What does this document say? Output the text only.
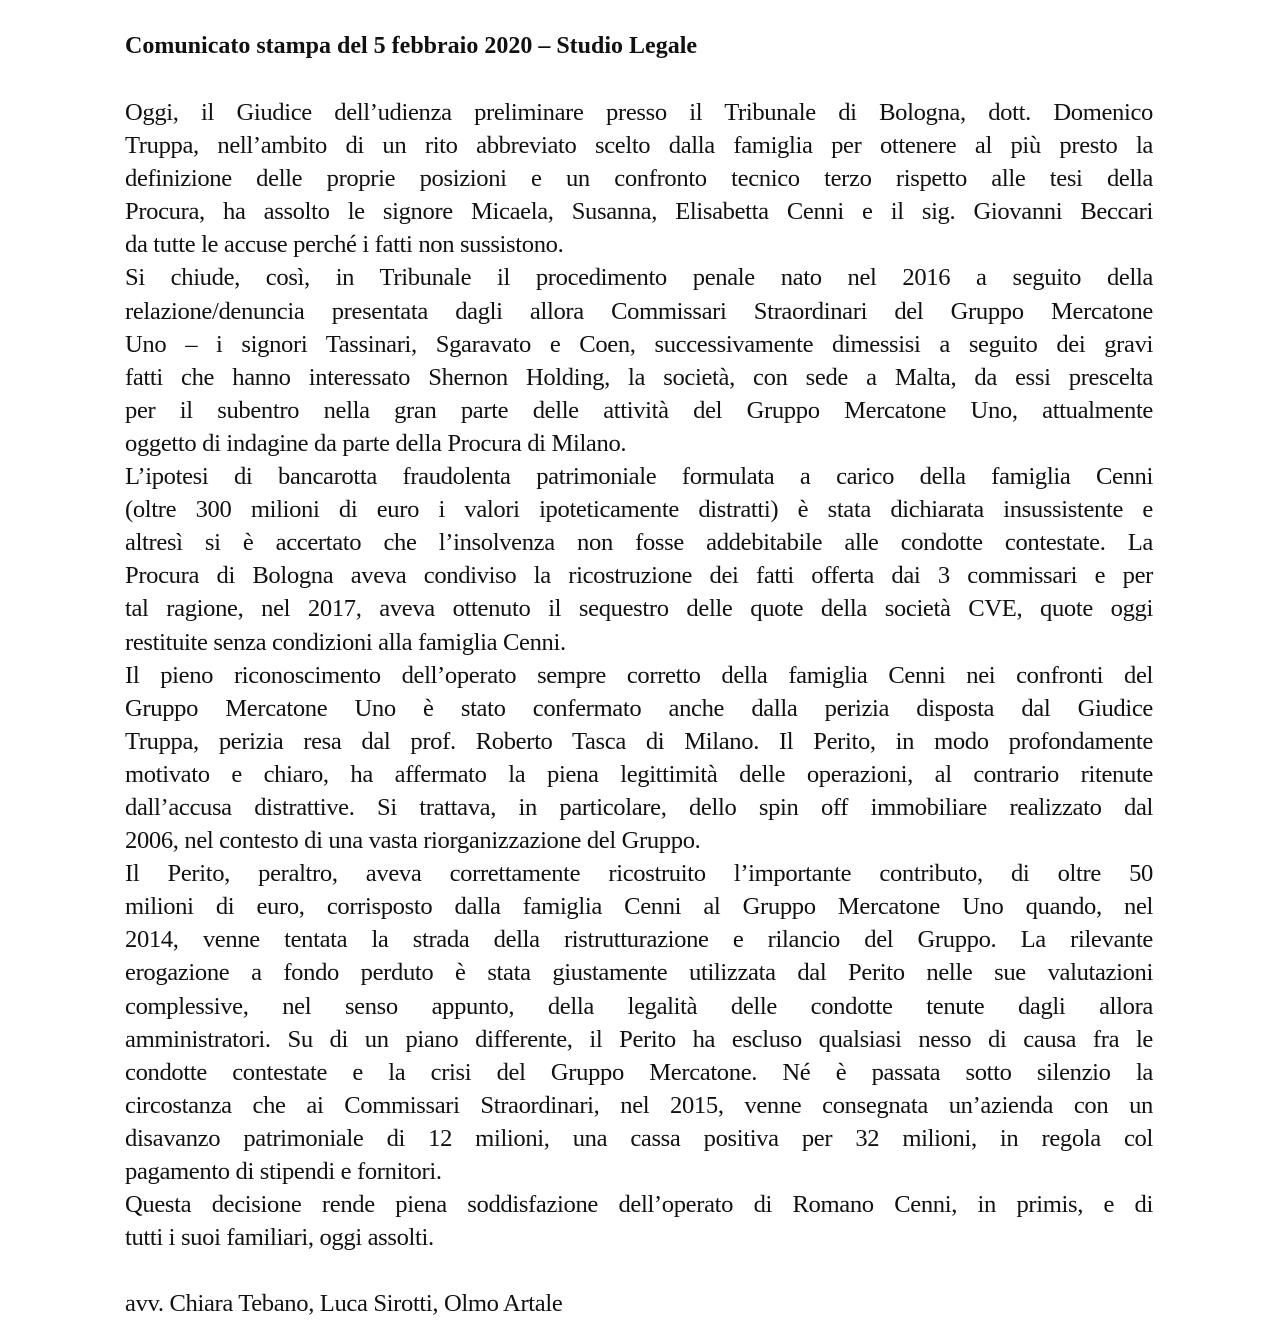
Comunicato stampa del 5 febbraio 2020 – Studio Legale

Oggi, il Giudice dell’udienza preliminare presso il Tribunale di Bologna, dott. Domenico
Truppa, nell’ambito di un rito abbreviato scelto dalla famiglia per ottenere al più presto la
definizione delle proprie posizioni e un confronto tecnico terzo rispetto alle tesi della
Procura, ha assolto le signore Micaela, Susanna, Elisabetta Cenni e il sig. Giovanni Beccari
da tutte le accuse perché i fatti non sussistono.

Si chiude, così, in Tribunale il procedimento penale nato nel 2016 a seguito della
relazione/denuncia presentata dagli allora Commissari Straordinari del Gruppo Mercatone
Uno – i signori Tassinari, Sgaravato e Coen, successivamente dimessisi a seguito dei gravi
fatti che hanno interessato Shernon Holding, la società, con sede a Malta, da essi prescelta
per il subentro nella gran parte delle attività del Gruppo Mercatone Uno, attualmente
oggetto di indagine da parte della Procura di Milano.

L’ipotesi di bancarotta fraudolenta patrimoniale formulata a carico della famiglia Cenni
(oltre 300 milioni di euro i valori ipoteticamente distratti) è stata dichiarata insussistente e
altresì si è accertato che l’insolvenza non fosse addebitabile alle condotte contestate. La
Procura di Bologna aveva condiviso la ricostruzione dei fatti offerta dai 3 commissari e per
tal ragione, nel 2017, aveva ottenuto il sequestro delle quote della società CVE, quote oggi
restituite senza condizioni alla famiglia Cenni.

Il pieno riconoscimento dell’operato sempre corretto della famiglia Cenni nei confronti del
Gruppo Mercatone Uno è stato confermato anche dalla perizia disposta dal Giudice
Truppa, perizia resa dal prof. Roberto Tasca di Milano. Il Perito, in modo profondamente
motivato e chiaro, ha affermato la piena legittimità delle operazioni, al contrario ritenute
dall’accusa distrattive. Si trattava, in particolare, dello spin off immobiliare realizzato dal
2006, nel contesto di una vasta riorganizzazione del Gruppo.

Il Perito, peraltro, aveva correttamente ricostruito l’importante contributo, di oltre 50
milioni di euro, corrisposto dalla famiglia Cenni al Gruppo Mercatone Uno quando, nel
2014, venne tentata la strada della ristrutturazione e rilancio del Gruppo. La rilevante
erogazione a fondo perduto è stata giustamente utilizzata dal Perito nelle sue valutazioni
complessive, nel senso appunto, della legalità delle condotte tenute dagli allora
amministratori. Su di un piano differente, il Perito ha escluso qualsiasi nesso di causa fra le
condotte contestate e la crisi del Gruppo Mercatone. Né è passata sotto silenzio la
circostanza che ai Commissari Straordinari, nel 2015, venne consegnata un’azienda con un
disavanzo patrimoniale di 12 milioni, una cassa positiva per 32 milioni, in regola col
pagamento di stipendi e fornitori.

Questa decisione rende piena soddisfazione dell’operato di Romano Cenni, in primis, e di
tutti i suoi familiari, oggi assolti.

avv. Chiara Tebano, Luca Sirotti, Olmo Artale
